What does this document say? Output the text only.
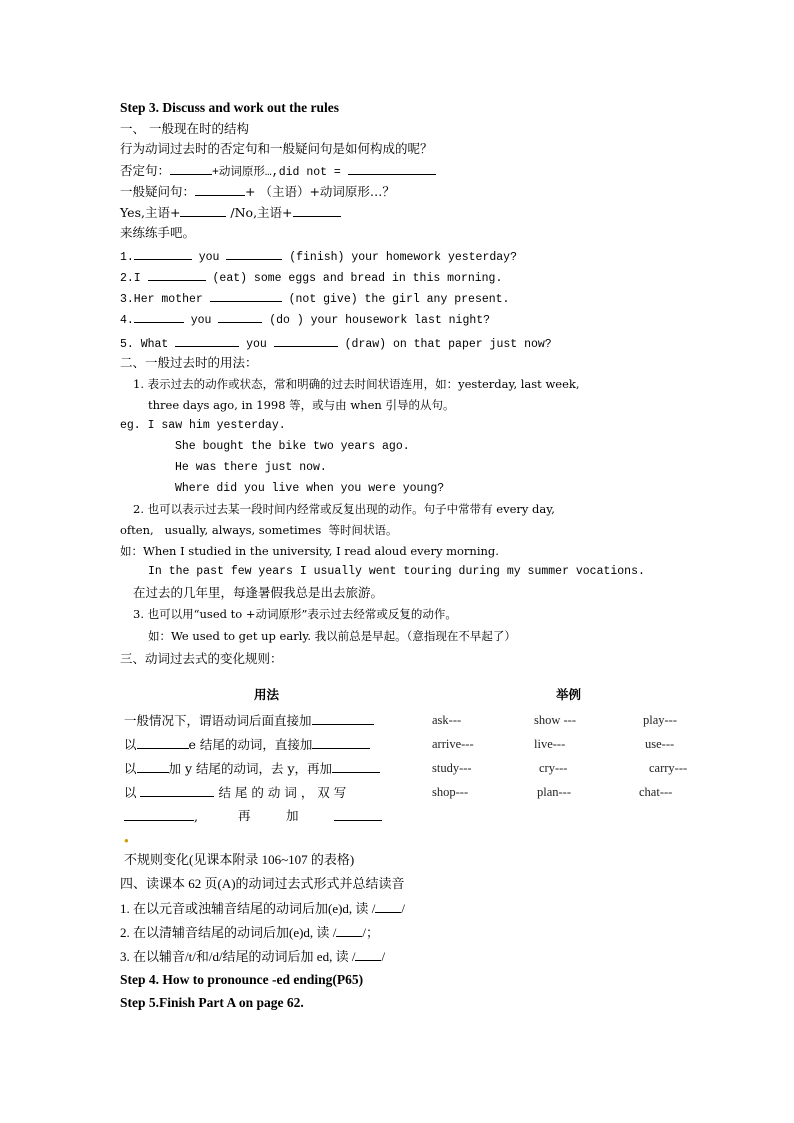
Step 3. Discuss and work out the rules
一、 一般现在时的结构
行为动词过去时的否定句和一般疑问句是如何构成的呢？
否定句：	+动词原形…,did not =
一般疑问句：	+ （主语）+动词原形…？
Yes,主语+	/No,主语+
来练练手吧。
1.	you	(finish) your homework yesterday?
2.I	(eat) some eggs and bread in this morning.
3.Her mother	(not give) the girl any present.
4.	you	(do ) your housework last night?
5. What	you	(draw) on that paper just now?
二、一般过去时的用法：
1. 表示过去的动作或状态，常和明确的过去时间状语连用，如：yesterday, last week,
three days ago, in 1998 等，或与由 when 引导的从句。
eg. I saw him yesterday.
She bought the bike two years ago.
He was there just now.
Where did you live when you were young?
2. 也可以表示过去某一段时间内经常或反复出现的动作。句子中常带有 every day,
often,   usually, always, sometimes  等时间状语。
如：When I studied in the university, I read aloud every morning.
In the past few years I usually went touring during my summer vocations.
在过去的几年里，每逢暑假我总是出去旅游。
3. 也可以用“used to +动词原形”表示过去经常或反复的动作。
如：We used to get up early. 我以前总是早起。（意指现在不早起了）
三、动词过去式的变化规则：
用法	举例
一般情况下，谓语动词后面直接加	ask---	show ---	play---
以	e 结尾的动词，直接加	arrive---	live---	use---
以	加 y 结尾的动词，去 y，再加	study---	cry---	carry---
以	结 尾 的 动 词 ， 双 写	shop---	plan---	chat---
,	再	加
●
不规则变化(见课本附录 106~107 的表格)
四、读课本 62 页(A)的动词过去式形式并总结读音
1. 在以元音或浊辅音结尾的动词后加(e)d, 读 / /
2. 在以清辅音结尾的动词后加(e)d, 读 / /；
3. 在以辅音/t/和/d/结尾的动词后加 ed, 读 / /
Step 4. How to pronounce -ed ending(P65)
Step 5.Finish Part A on page 62.
